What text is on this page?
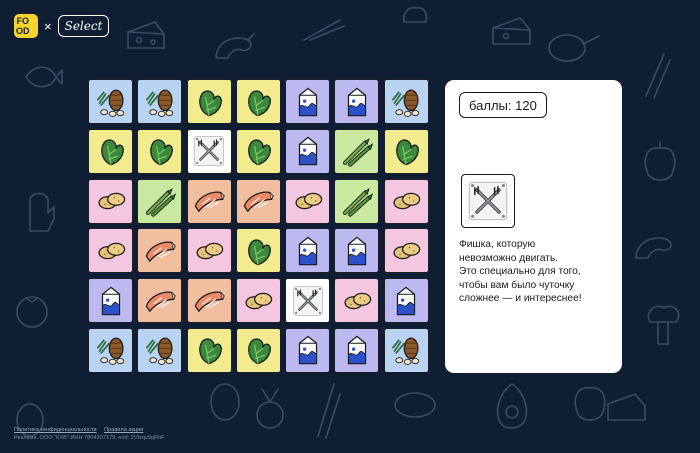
FO
OD ×	Select
баллы: 120
Фишка, которую
невозможно двигать.
Это специально для того,
чтобы вам было чуточку
сложнее — и интереснее!
Политика конфиденциальности Правила акции
Реклама. ООО "КХВ" ИНН 7804307179, erid: 2Vtzqv9qRhF
